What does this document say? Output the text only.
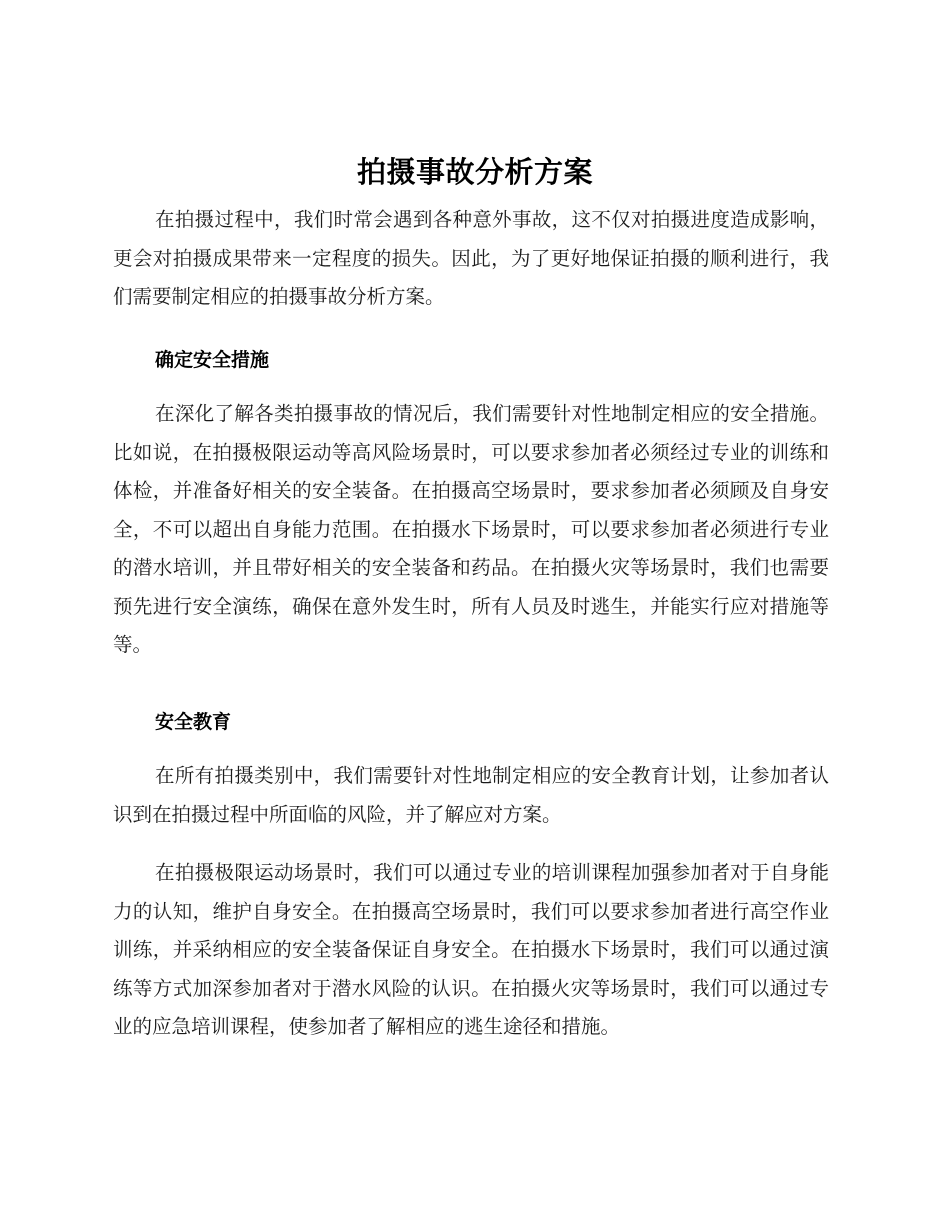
拍摄事故分析方案

在拍摄过程中，我们时常会遇到各种意外事故，这不仅对拍摄进度造成影响，更会对拍摄成果带来一定程度的损失。因此，为了更好地保证拍摄的顺利进行，我们需要制定相应的拍摄事故分析方案。

确定安全措施

在深化了解各类拍摄事故的情况后，我们需要针对性地制定相应的安全措施。比如说，在拍摄极限运动等高风险场景时，可以要求参加者必须经过专业的训练和体检，并准备好相关的安全装备。在拍摄高空场景时，要求参加者必须顾及自身安全，不可以超出自身能力范围。在拍摄水下场景时，可以要求参加者必须进行专业的潜水培训，并且带好相关的安全装备和药品。在拍摄火灾等场景时，我们也需要预先进行安全演练，确保在意外发生时，所有人员及时逃生，并能实行应对措施等等。

安全教育

在所有拍摄类别中，我们需要针对性地制定相应的安全教育计划，让参加者认识到在拍摄过程中所面临的风险，并了解应对方案。

在拍摄极限运动场景时，我们可以通过专业的培训课程加强参加者对于自身能力的认知，维护自身安全。在拍摄高空场景时，我们可以要求参加者进行高空作业训练，并采纳相应的安全装备保证自身安全。在拍摄水下场景时，我们可以通过演练等方式加深参加者对于潜水风险的认识。在拍摄火灾等场景时，我们可以通过专业的应急培训课程，使参加者了解相应的逃生途径和措施。
